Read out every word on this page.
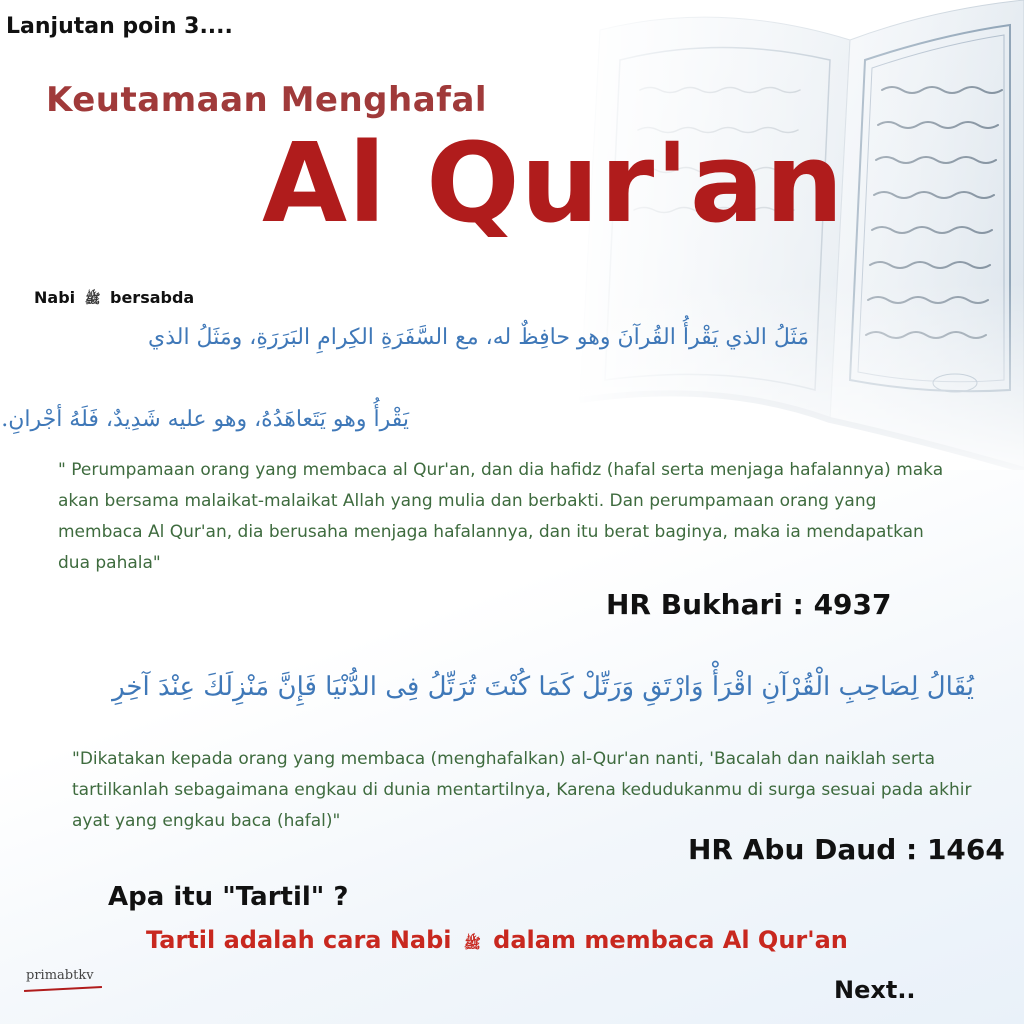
Lanjutan poin 3....
Keutamaan Menghafal
Al Qur'an
Nabi ﷺ bersabda
مَثَلُ الذي يَقْرأُ القُرآنَ وهو حافِظٌ له، مع السَّفَرَةِ الكِرامِ البَرَرَةِ، ومَثَلُ الذي
يَقْرأُ وهو يَتَعاهَدُهُ، وهو عليه شَدِيدٌ، فَلَهُ أجْرانِ.
" Perumpamaan orang yang membaca al Qur'an, dan dia hafidz (hafal serta menjaga hafalannya) maka akan bersama malaikat-malaikat Allah yang mulia dan berbakti. Dan perumpamaan orang yang membaca Al Qur'an, dia berusaha menjaga hafalannya, dan itu berat baginya, maka ia mendapatkan dua pahala"
HR Bukhari : 4937
يُقَالُ لِصَاحِبِ الْقُرْآنِ اقْرَأْ وَارْتَقِ وَرَتِّلْ كَمَا كُنْتَ تُرَتِّلُ فِى الدُّنْيَا فَإِنَّ مَنْزِلَكَ عِنْدَ آخِرِ
"Dikatakan kepada orang yang membaca (menghafalkan) al-Qur'an nanti, 'Bacalah dan naiklah serta tartilkanlah sebagaimana engkau di dunia mentartilnya, Karena kedudukanmu di surga sesuai pada akhir ayat yang engkau baca (hafal)"
HR Abu Daud : 1464
Apa itu "Tartil" ?
Tartil adalah cara Nabi ﷺ dalam membaca Al Qur'an
primabtkv
Next..
